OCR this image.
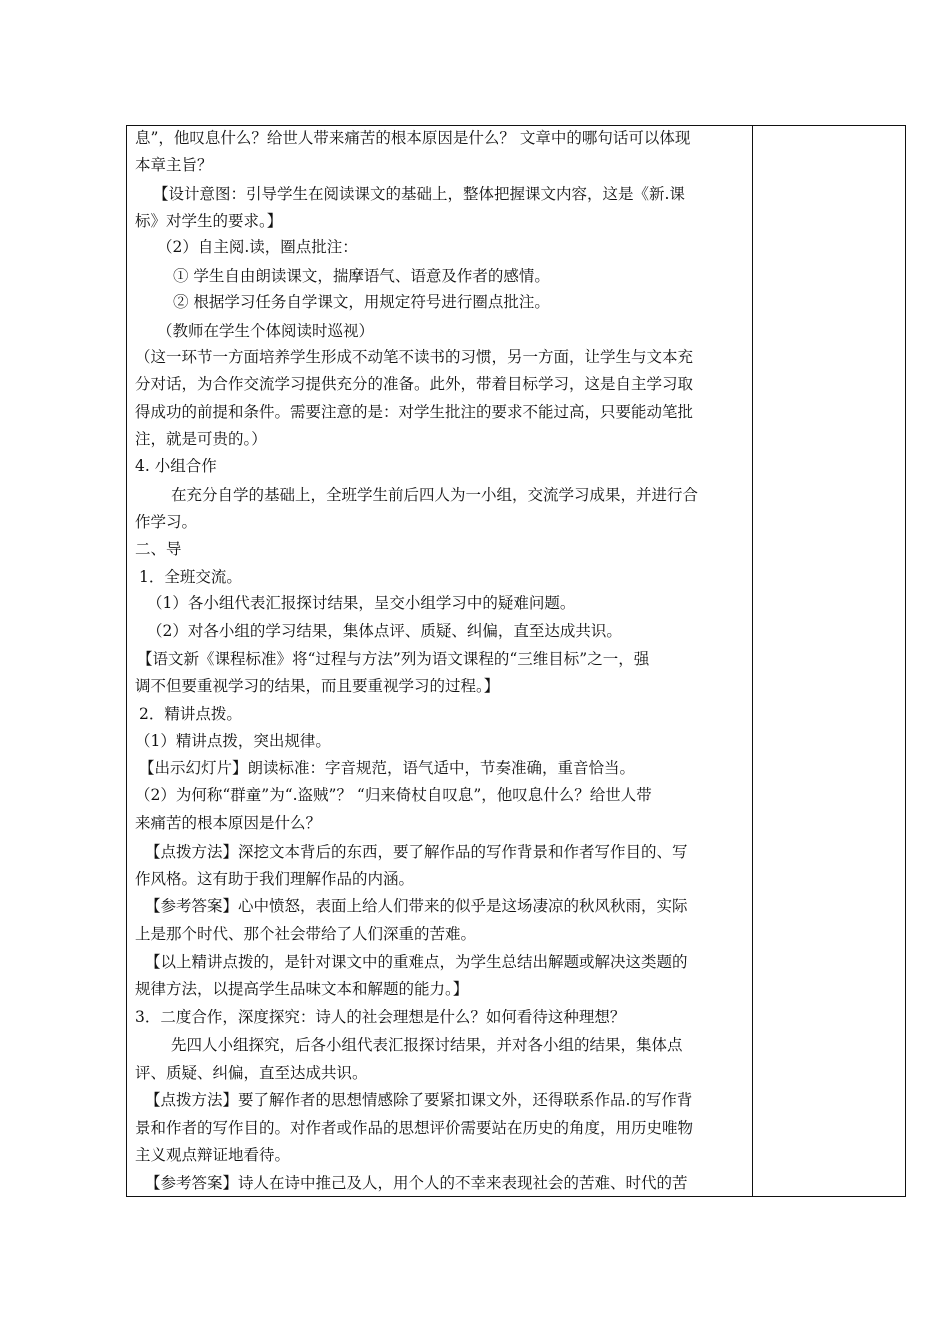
息”，他叹息什么？给世人带来痛苦的根本原因是什么？ 文章中的哪句话可以体现
本章主旨？
【设计意图：引导学生在阅读课文的基础上，整体把握课文内容，这是《新.课
标》对学生的要求。】
（2）自主阅.读，圈点批注：
① 学生自由朗读课文，揣摩语气、语意及作者的感情。
② 根据学习任务自学课文，用规定符号进行圈点批注。
（教师在学生个体阅读时巡视）
（这一环节一方面培养学生形成不动笔不读书的习惯，另一方面，让学生与文本充
分对话，为合作交流学习提供充分的准备。此外，带着目标学习，这是自主学习取
得成功的前提和条件。需要注意的是：对学生批注的要求不能过高，只要能动笔批
注，就是可贵的。）
4. 小组合作
在充分自学的基础上，全班学生前后四人为一小组，交流学习成果，并进行合
作学习。
二、导
1．全班交流。
（1）各小组代表汇报探讨结果，呈交小组学习中的疑难问题。
（2）对各小组的学习结果，集体点评、质疑、纠偏，直至达成共识。
【语文新《课程标准》将“过程与方法”列为语文课程的“三维目标”之一，强
调不但要重视学习的结果，而且要重视学习的过程。】
2．精讲点拨。
（1）精讲点拨，突出规律。
【出示幻灯片】朗读标准：字音规范，语气适中，节奏准确，重音恰当。
（2）为何称“群童”为“.盗贼”？ “归来倚杖自叹息”，他叹息什么？给世人带
来痛苦的根本原因是什么？
【点拨方法】深挖文本背后的东西，要了解作品的写作背景和作者写作目的、写
作风格。这有助于我们理解作品的内涵。
【参考答案】心中愤怒，表面上给人们带来的似乎是这场凄凉的秋风秋雨，实际
上是那个时代、那个社会带给了人们深重的苦难。
【以上精讲点拨的，是针对课文中的重难点，为学生总结出解题或解决这类题的
规律方法，以提高学生品味文本和解题的能力。】
3．二度合作，深度探究：诗人的社会理想是什么？如何看待这种理想？
先四人小组探究，后各小组代表汇报探讨结果，并对各小组的结果，集体点
评、质疑、纠偏，直至达成共识。
【点拨方法】要了解作者的思想情感除了要紧扣课文外，还得联系作品.的写作背
景和作者的写作目的。对作者或作品的思想评价需要站在历史的角度，用历史唯物
主义观点辩证地看待。
【参考答案】诗人在诗中推己及人，用个人的不幸来表现社会的苦难、时代的苦
